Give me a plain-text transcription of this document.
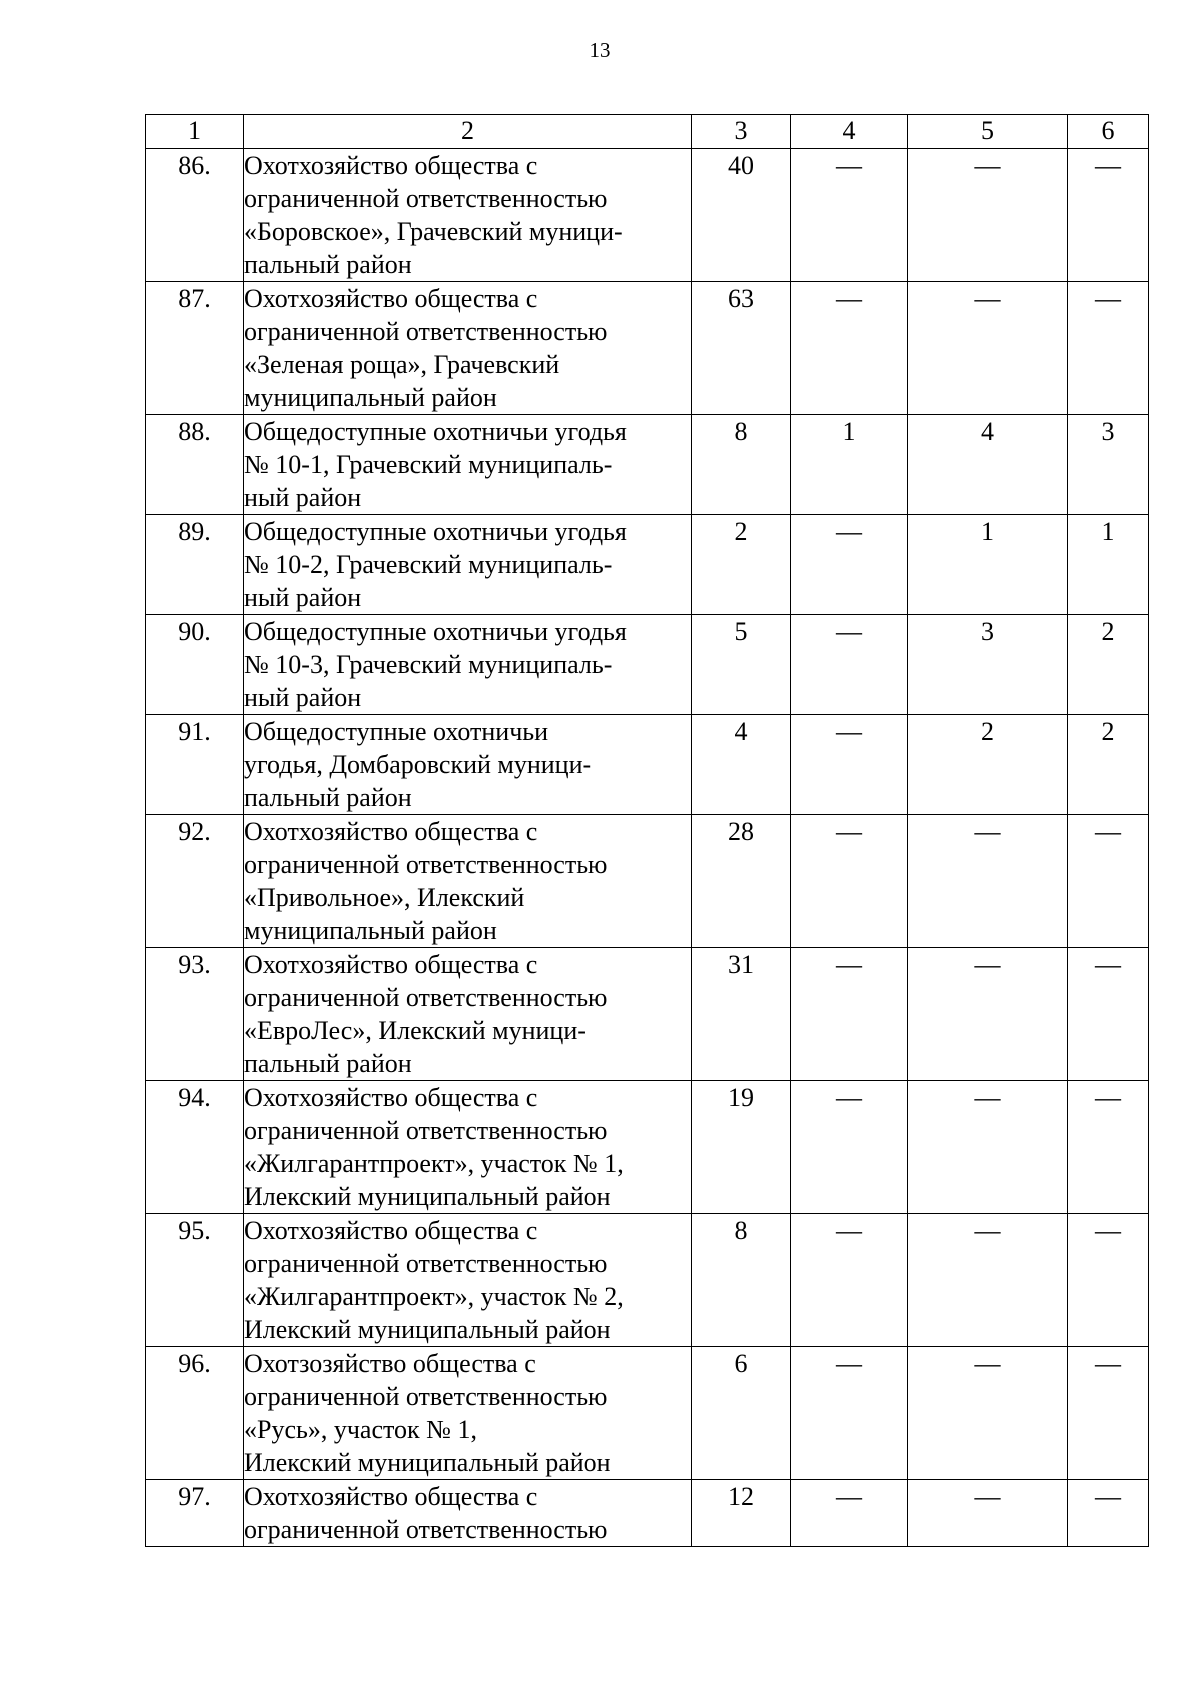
13
1	2	3	4	5	6
86.	Охотхозяйство общества с
ограниченной ответственностью
«Боровское», Грачевский муници-
пальный район	40	—	—	—
87.	Охотхозяйство общества с
ограниченной ответственностью
«Зеленая роща», Грачевский
муниципальный район	63	—	—	—
88.	Общедоступные охотничьи угодья
№ 10-1, Грачевский муниципаль-
ный район	8	1	4	3
89.	Общедоступные охотничьи угодья
№ 10-2, Грачевский муниципаль-
ный район	2	—	1	1
90.	Общедоступные охотничьи угодья
№ 10-3, Грачевский муниципаль-
ный район	5	—	3	2
91.	Общедоступные охотничьи
угодья, Домбаровский муници-
пальный район	4	—	2	2
92.	Охотхозяйство общества с
ограниченной ответственностью
«Привольное», Илекский
муниципальный район	28	—	—	—
93.	Охотхозяйство общества с
ограниченной ответственностью
«ЕвроЛес», Илекский муници-
пальный район	31	—	—	—
94.	Охотхозяйство общества с
ограниченной ответственностью
«Жилгарантпроект», участок № 1,
Илекский муниципальный район	19	—	—	—
95.	Охотхозяйство общества с
ограниченной ответственностью
«Жилгарантпроект», участок № 2,
Илекский муниципальный район	8	—	—	—
96.	Охотзозяйство общества с
ограниченной ответственностью
«Русь», участок № 1,
Илекский муниципальный район	6	—	—	—
97.	Охотхозяйство общества с
ограниченной ответственностью	12	—	—	—
